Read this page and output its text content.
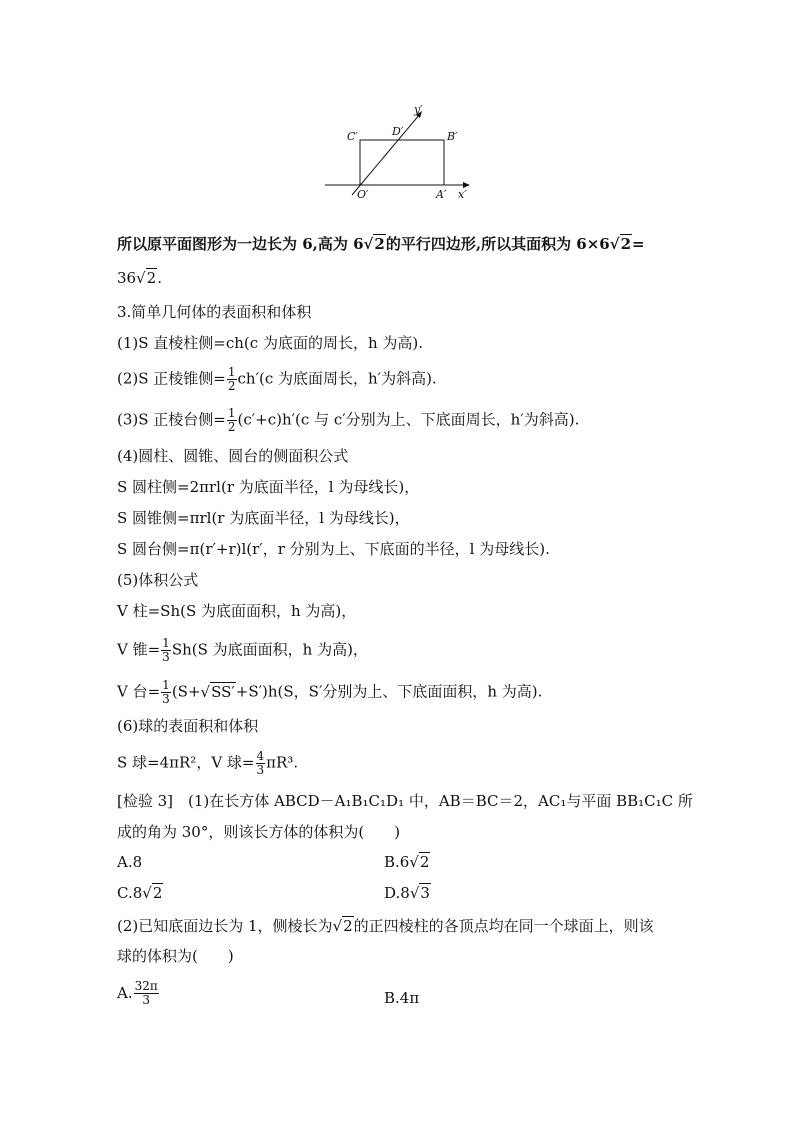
C′	D′	B′
y′
O′	A′ x′
所以原平面图形为一边长为 6,高为 6√2的平行四边形,所以其面积为 6×6√2=
36√2.
3.简单几何体的表面积和体积
(1)S 直棱柱侧=ch(c 为底面的周长，h 为高).
(2)S 正棱锥侧= $\frac{1}{2} ch'(c$ 为底面周长，h′为斜高).
(3)S 正棱台侧= $\frac{1}{2} (c'+c)h'(c$ 与 c′分别为上、下底面周长，h′为斜高).
(4)圆柱、圆锥、圆台的侧面积公式
S 圆柱侧=2πrl(r 为底面半径，l 为母线长)，
S 圆锥侧=πrl(r 为底面半径，l 为母线长)，
S 圆台侧=π(r′+r)l(r′，r 分别为上、下底面的半径，l 为母线长).
(5)体积公式
V 柱=Sh(S 为底面面积，h 为高)，
V 锥= $\frac{1}{3} Sh(S$ 为底面面积，h 为高)，
V 台= $\frac{1}{3} (S+√SS'+S')h(S$，S′分别为上、下底面面积，h 为高).
(6)球的表面积和体积
S 球=4πR²，V 球= $\frac{4}{3} \pi R^3$.
[检验 3]　(1)在长方体 ABCD－A₁B₁C₁D₁ 中，AB＝BC＝2，AC₁与平面 BB₁C₁C 所
成的角为 30°，则该长方体的体积为(　　)
A.8	B.6√2
C.8√2	D.8√3
(2)已知底面边长为 1，侧棱长为√2的正四棱柱的各顶点均在同一个球面上，则该
球的体积为(　　)
A. $\frac{32\pi}{3}$	B.4π
